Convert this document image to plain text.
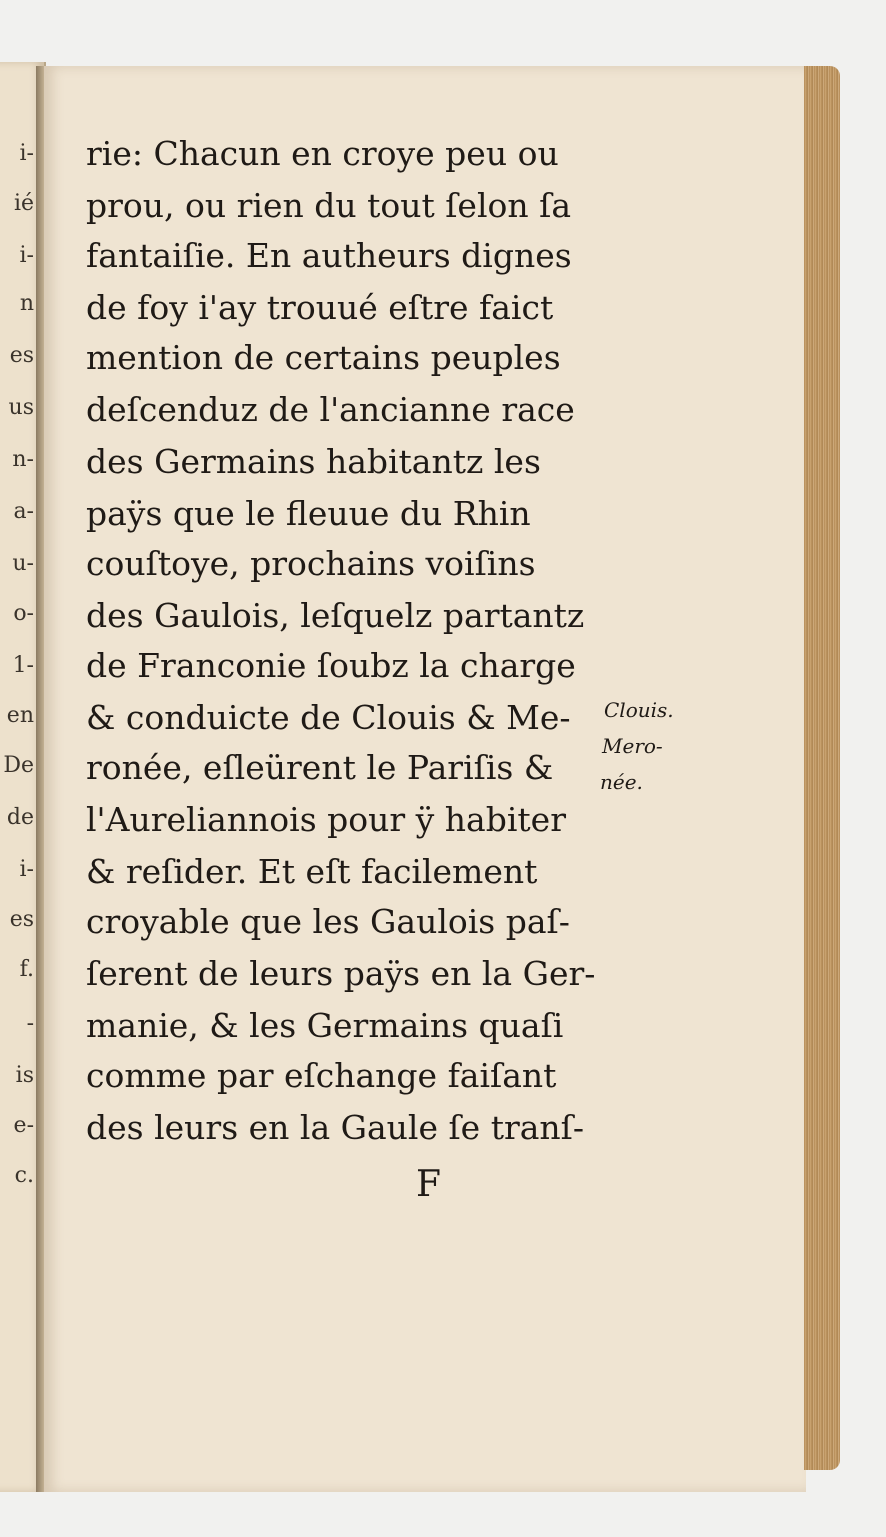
i-
ié
i-
n
es
us
n-
a-
u-
o-
1-
en
De
de
i-
es
f.
-
is
e-
c.
rie: Chacun en croye peu ou
prou, ou rien du tout ſelon ſa
fantaiſie. En autheurs dignes
de foy i'ay trouué eſtre faict
mention de certains peuples
deſcenduz de l'ancianne race
des Germains habitantz les
paÿs que le fleuue du Rhin
couſtoye, prochains voiſins
des Gaulois, leſquelz partantz
de Franconie ſoubz la charge
& conduicte de Clouis & Me-
ronée, eſleürent le Pariſis &
l'Aureliannois pour ÿ habiter
& reſider. Et eſt facilement
croyable que les Gaulois paſ-
ſerent de leurs paÿs en la Ger-
manie, & les Germains quaſi
comme par eſchange faiſant
des leurs en la Gaule ſe tranſ-
Clouis.
Mero-
née.
F
